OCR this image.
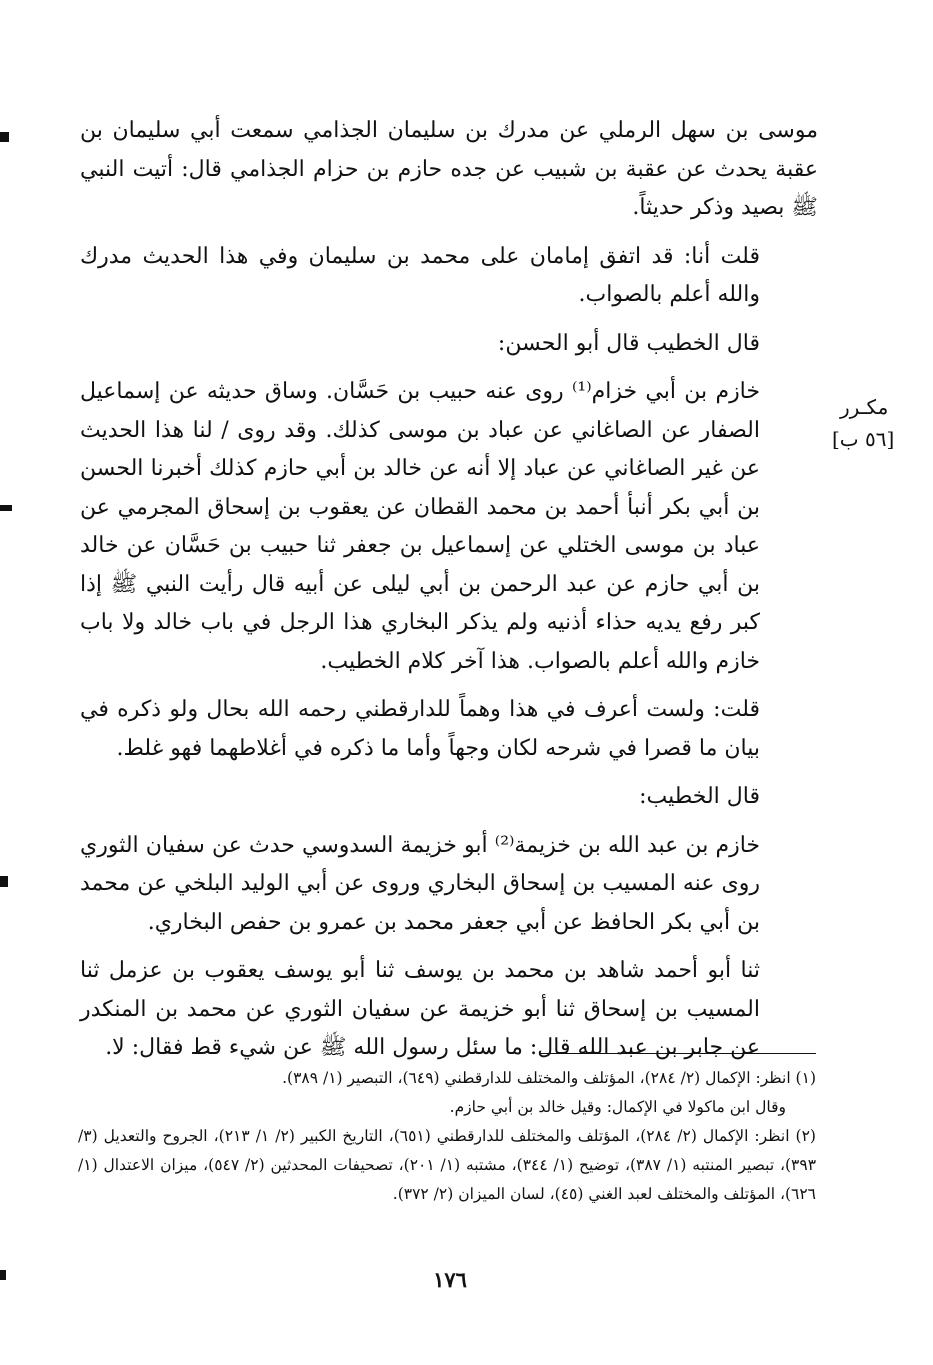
موسى بن سهل الرملي عن مدرك بن سليمان الجذامي سمعت أبي سليمان بن عقبة يحدث عن عقبة بن شبيب عن جده حازم بن حزام الجذامي قال: أتيت النبي ﷺ بصيد وذكر حديثاً.

قلت أنا: قد اتفق إمامان على محمد بن سليمان وفي هذا الحديث مدرك والله أعلم بالصواب.

قال الخطيب قال أبو الحسن:

خازم بن أبي خزام⁽¹⁾ روى عنه حبيب بن حَسَّان. وساق حديثه عن إسماعيل الصفار عن الصاغاني عن عباد بن موسى كذلك. وقد روى / لنا هذا الحديث عن غير الصاغاني عن عباد إلا أنه عن خالد بن أبي حازم كذلك أخبرنا الحسن بن أبي بكر أنبأ أحمد بن محمد القطان عن يعقوب بن إسحاق المجرمي عن عباد بن موسى الختلي عن إسماعيل بن جعفر ثنا حبيب بن حَسَّان عن خالد بن أبي حازم عن عبد الرحمن بن أبي ليلى عن أبيه قال رأيت النبي ﷺ إذا كبر رفع يديه حذاء أذنيه ولم يذكر البخاري هذا الرجل في باب خالد ولا باب خازم والله أعلم بالصواب. هذا آخر كلام الخطيب.

قلت: ولست أعرف في هذا وهماً للدارقطني رحمه الله بحال ولو ذكره في بيان ما قصرا في شرحه لكان وجهاً وأما ما ذكره في أغلاطهما فهو غلط.

قال الخطيب:

خازم بن عبد الله بن خزيمة⁽²⁾ أبو خزيمة السدوسي حدث عن سفيان الثوري روى عنه المسيب بن إسحاق البخاري وروى عن أبي الوليد البلخي عن محمد بن أبي بكر الحافظ عن أبي جعفر محمد بن عمرو بن حفص البخاري.

ثنا أبو أحمد شاهد بن محمد بن يوسف ثنا أبو يوسف يعقوب بن عزمل ثنا المسيب بن إسحاق ثنا أبو خزيمة عن سفيان الثوري عن محمد بن المنكدر عن جابر بن عبد الله قال: ما سئل رسول الله ﷺ عن شيء قط فقال: لا.

مكـرر
[٥٦ ب]

(١) انظر: الإكمال (٢/ ٢٨٤)، المؤتلف والمختلف للدارقطني (٦٤٩)، التبصير (١/ ٣٨٩).

وقال ابن ماكولا في الإكمال: وقيل خالد بن أبي حازم.

(٢) انظر: الإكمال (٢/ ٢٨٤)، المؤتلف والمختلف للدارقطني (٦٥١)، التاريخ الكبير (٢/ ١/ ٢١٣)، الجروح والتعديل (٣/ ٣٩٣)، تبصير المنتبه (١/ ٣٨٧)، توضيح (١/ ٣٤٤)، مشتبه (١/ ٢٠١)، تصحيفات المحدثين (٢/ ٥٤٧)، ميزان الاعتدال (١/ ٦٢٦)، المؤتلف والمختلف لعبد الغني (٤٥)، لسان الميزان (٢/ ٣٧٢).

١٧٦
